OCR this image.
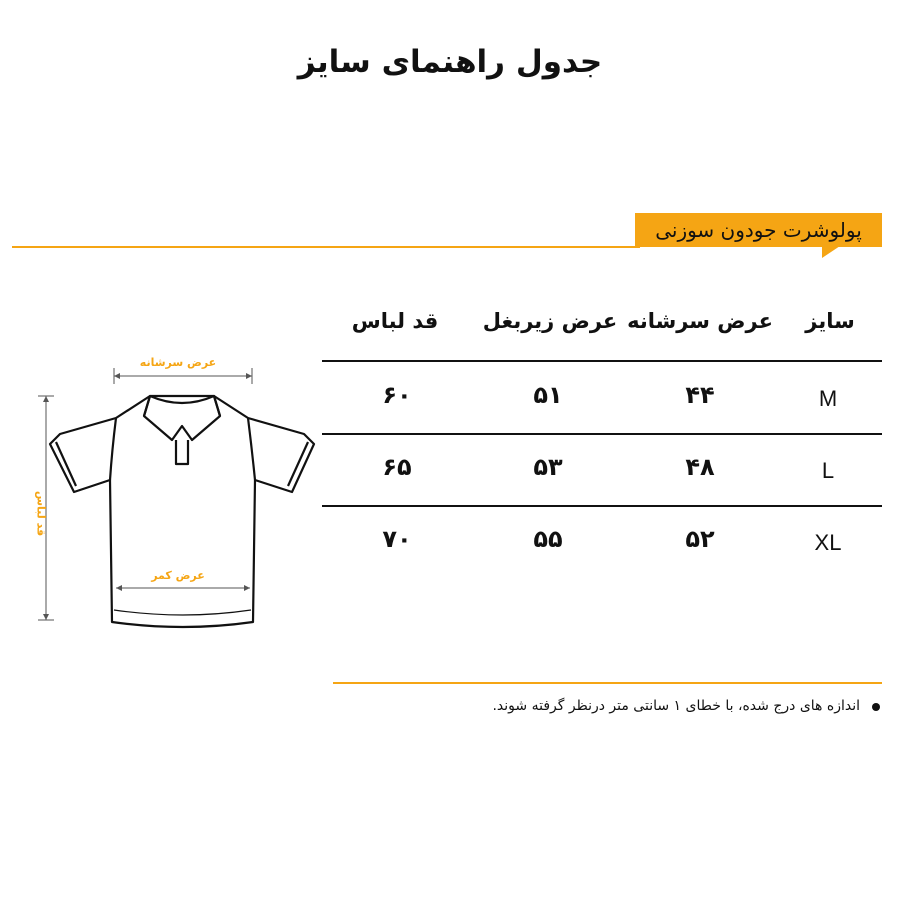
جدول راهنمای سایز
پولوشرت جودون سوزنی
سایز
عرض سرشانه
عرض زیربغل
قد لباس
M
۴۴
۵۱
۶۰
L
۴۸
۵۳
۶۵
XL
۵۲
۵۵
۷۰
عرض سرشانه
عرض کمر
قد لباس
اندازه های درج شده، با خطای ۱ سانتی متر درنظر گرفته شوند.
